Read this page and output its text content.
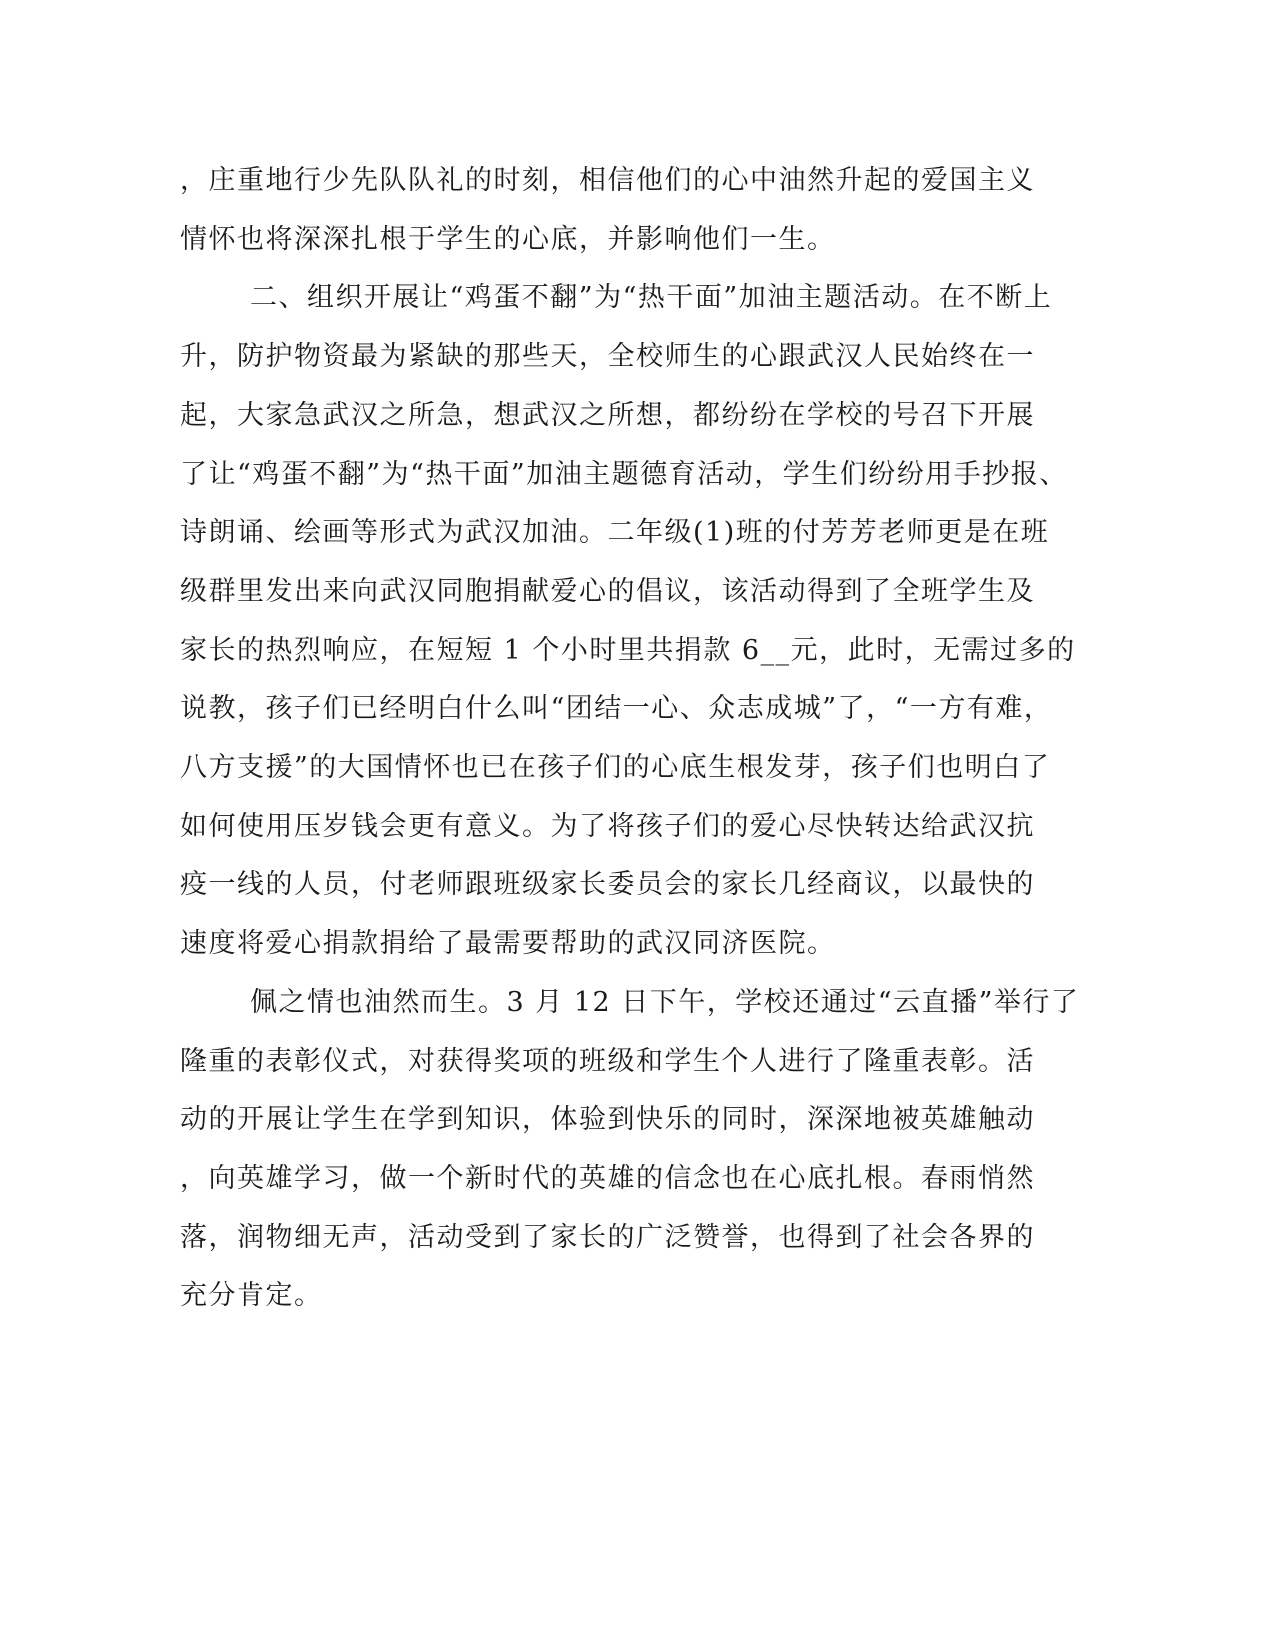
，庄重地行少先队队礼的时刻，相信他们的心中油然升起的爱国主义
情怀也将深深扎根于学生的心底，并影响他们一生。
二、组织开展让“鸡蛋不翻”为“热干面”加油主题活动。在不断上
升，防护物资最为紧缺的那些天，全校师生的心跟武汉人民始终在一
起，大家急武汉之所急，想武汉之所想，都纷纷在学校的号召下开展
了让“鸡蛋不翻”为“热干面”加油主题德育活动，学生们纷纷用手抄报、
诗朗诵、绘画等形式为武汉加油。二年级(1)班的付芳芳老师更是在班
级群里发出来向武汉同胞捐献爱心的倡议，该活动得到了全班学生及
家长的热烈响应，在短短 1 个小时里共捐款 6__元，此时，无需过多的
说教，孩子们已经明白什么叫“团结一心、众志成城”了，“一方有难，
八方支援”的大国情怀也已在孩子们的心底生根发芽，孩子们也明白了
如何使用压岁钱会更有意义。为了将孩子们的爱心尽快转达给武汉抗
疫一线的人员，付老师跟班级家长委员会的家长几经商议，以最快的
速度将爱心捐款捐给了最需要帮助的武汉同济医院。
佩之情也油然而生。3 月 12 日下午，学校还通过“云直播”举行了
隆重的表彰仪式，对获得奖项的班级和学生个人进行了隆重表彰。活
动的开展让学生在学到知识，体验到快乐的同时，深深地被英雄触动
，向英雄学习，做一个新时代的英雄的信念也在心底扎根。春雨悄然
落，润物细无声，活动受到了家长的广泛赞誉，也得到了社会各界的
充分肯定。
